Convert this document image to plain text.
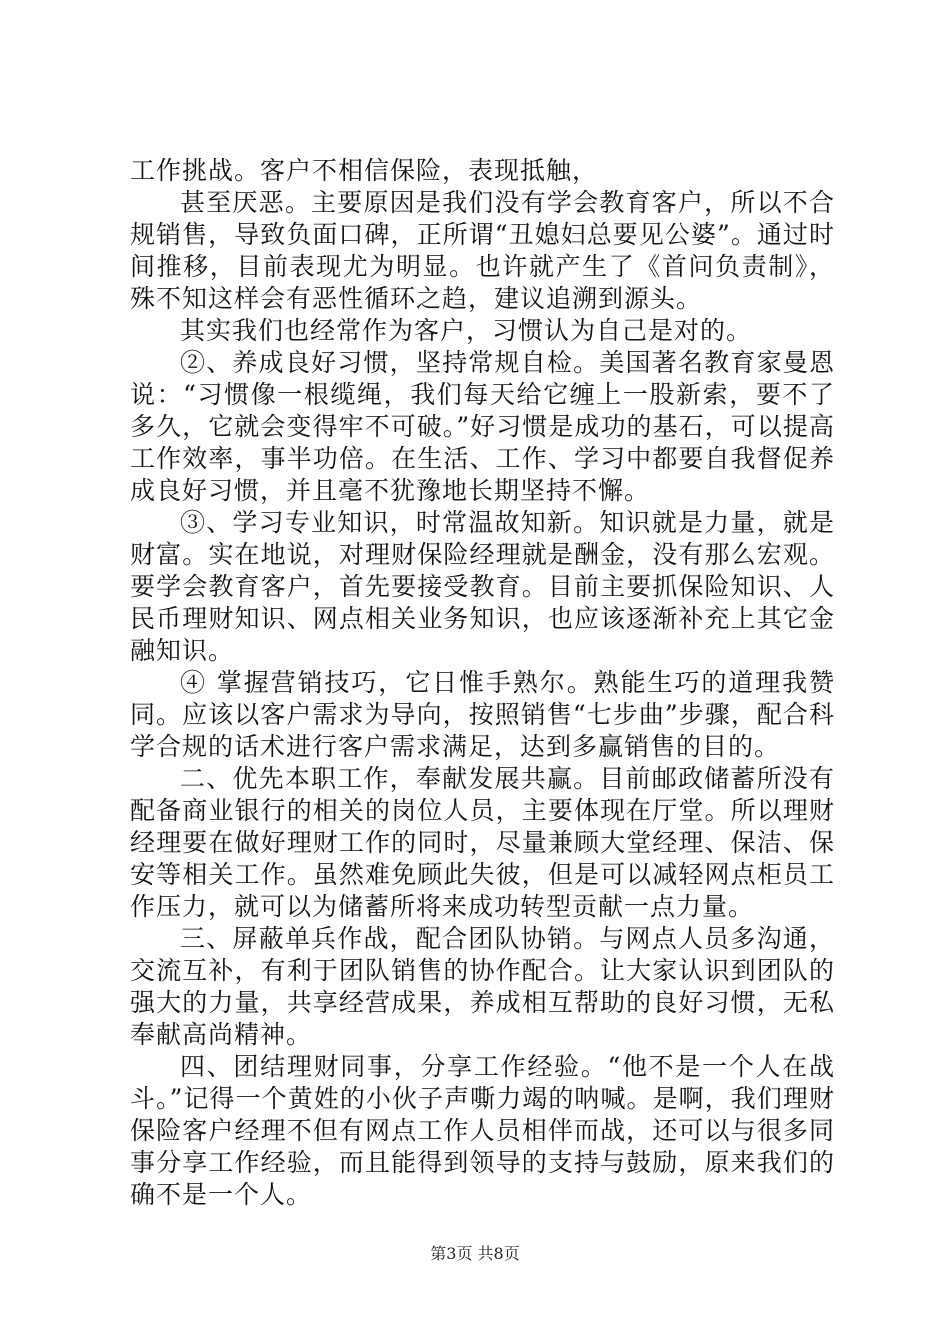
工作挑战。客户不相信保险，表现抵触，

甚至厌恶。主要原因是我们没有学会教育客户，所以不合规销售，导致负面口碑，正所谓“丑媳妇总要见公婆”。通过时间推移，目前表现尤为明显。也许就产生了《首问负责制》，殊不知这样会有恶性循环之趋，建议追溯到源头。

其实我们也经常作为客户，习惯认为自己是对的。

②、养成良好习惯，坚持常规自检。美国著名教育家曼恩说：“习惯像一根缆绳，我们每天给它缠上一股新索，要不了多久，它就会变得牢不可破。”好习惯是成功的基石，可以提高工作效率，事半功倍。在生活、工作、学习中都要自我督促养成良好习惯，并且毫不犹豫地长期坚持不懈。

③、学习专业知识，时常温故知新。知识就是力量，就是财富。实在地说，对理财保险经理就是酬金，没有那么宏观。要学会教育客户，首先要接受教育。目前主要抓保险知识、人民币理财知识、网点相关业务知识，也应该逐渐补充上其它金融知识。

④ 掌握营销技巧，它日惟手熟尔。熟能生巧的道理我赞同。应该以客户需求为导向，按照销售“七步曲”步骤，配合科学合规的话术进行客户需求满足，达到多赢销售的目的。

二、优先本职工作，奉献发展共赢。目前邮政储蓄所没有配备商业银行的相关的岗位人员，主要体现在厅堂。所以理财经理要在做好理财工作的同时，尽量兼顾大堂经理、保洁、保安等相关工作。虽然难免顾此失彼，但是可以减轻网点柜员工作压力，就可以为储蓄所将来成功转型贡献一点力量。

三、屏蔽单兵作战，配合团队协销。与网点人员多沟通，交流互补，有利于团队销售的协作配合。让大家认识到团队的强大的力量，共享经营成果，养成相互帮助的良好习惯，无私奉献高尚精神。

四、团结理财同事，分享工作经验。“他不是一个人在战斗。”记得一个黄姓的小伙子声嘶力竭的呐喊。是啊，我们理财保险客户经理不但有网点工作人员相伴而战，还可以与很多同事分享工作经验，而且能得到领导的支持与鼓励，原来我们的确不是一个人。

第3页 共8页
